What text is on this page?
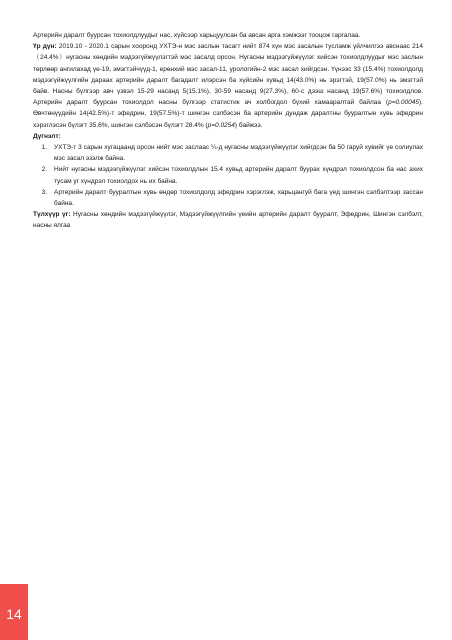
Артерийн даралт буурсан тохиолдлуудыг нас, хүйсээр харьцуулсан ба авсан арга хэмжээг тооцож гаргалаа.

Үр дүн: 2019.10 - 2020.1 сарын хооронд УХТЭ-н мэс заслын тасагт нийт 874 хүн мэс засалын тусламж үйлчилгээ авснаас 214（24.4%）нугасны хөндийн мэдээгүйжүүлэгтэй мэс засалд орсон. Нугасны мэдээгүйжүүлэг хийсэн тохиолдлуудыг мэс заслын төрлөөр ангилахад үе-19, эмэгтэйчүүд-1, ерөнхий мэс засал-11, урологийн-2 мэс засал хийгдсэн. Үүнээс 33 (15.4%) тохиолдолд мэдээгүйжүүлгийн дараах артерийн даралт багадалт илэрсэн ба хүйсийн хувьд 14(43.0%) нь эрэгтэй, 19(57.0%) нь эмэгтэй байв. Насны бүлгээр авч үзвэл 15-29 насанд 5(15.1%), 30-59 насанд 9(27.3%), 60-с дээш насанд 19(57.6%) тохиолдлов. Артерийн даралт буурсан тохиолдол насны бүлгээр статистик ач холбогдол бүхий хамааралтай байлаа (p=0.00045). Өвчтөнүүдийн 14(42.5%)-т эфедрин, 19(57.5%)-т шингэн сэлбэсэн ба артерийн дундаж даралтны бууралтын хувь эфедрин хэрэглэсэн бүлэгт 35.6%, шингэн сэлбэсэн бүлэгт 28.4% (p=0.0254) байжээ.

Дүгнэлт:

1. УХТЭ-т 3 сарын хугацаанд орсон нийт мэс заслаас ¼-д нугасны мэдээгүйжүүлэг хийгдсэн ба 50 гаруй хувийг үе солиулах мэс засал эзэлж байна.
2. Нийт нугасны мэдээгүйжүүлэг хийсэн тохиолдлын 15.4 хувьд артерийн даралт буурах хүндрэл тохиолдсон ба нас ахих тусам уг хүндрэл тохиолдох нь их байна.
3. Артерийн даралт бууралтын хувь өндөр тохиолдолд эфедрин хэрэглэж, харьцангуй бага үед шингэн сэлбэлтээр зассан байна.

Түлхүүр үг: Нугасны хөндийн мэдээгүйжүүлэг, Мэдээгүйжүүлгийн үеийн артерийн даралт бууралт, Эфедрин, Шингэн сэлбэлт, насны ялгаа

14
